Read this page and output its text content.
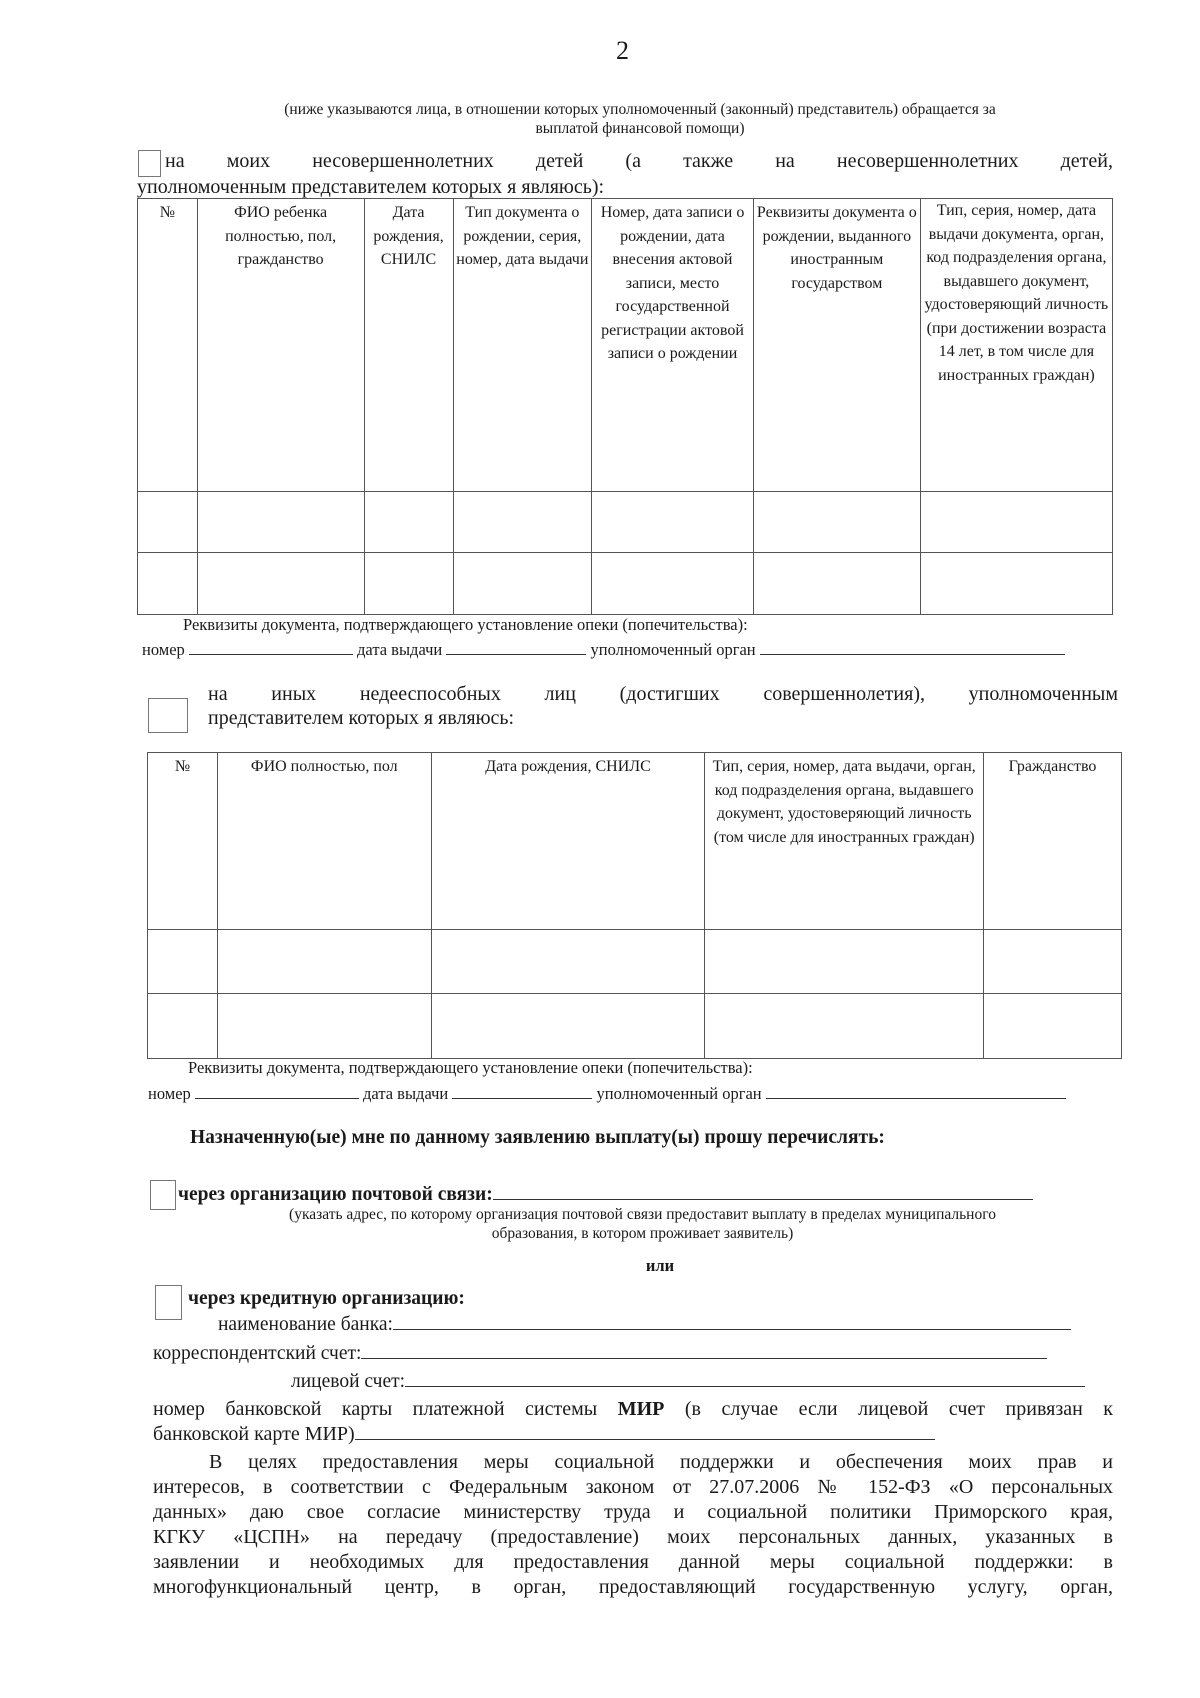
2
(ниже указываются лица, в отношении которых уполномоченный (законный) представитель) обращается за
выплатой финансовой помощи)
на моих несовершеннолетних детей (а также на несовершеннолетних детей,
уполномоченным представителем которых я являюсь):
№	ФИО ребенка полностью, пол, гражданство	Дата рождения, СНИЛС	Тип документа о рождении, серия, номер, дата выдачи	Номер, дата записи о рождении, дата внесения актовой записи, место государственной регистрации актовой записи о рождении	Реквизиты документа о рождении, выданного иностранным государством	Тип, серия, номер, дата выдачи документа, орган, код подразделения органа, выдавшего документ, удостоверяющий личность (при достижении возраста 14 лет, в том числе для иностранных граждан)

Реквизиты документа, подтверждающего установление опеки (попечительства):
номер	дата выдачи	уполномоченный орган
на иных недееспособных лиц (достигших совершеннолетия), уполномоченным
представителем которых я являюсь:
№	ФИО полностью, пол	Дата рождения, СНИЛС	Тип, серия, номер, дата выдачи, орган, код подразделения органа, выдавшего документ, удостоверяющий личность (том числе для иностранных граждан)	Гражданство

Реквизиты документа, подтверждающего установление опеки (попечительства):
номер	дата выдачи	уполномоченный орган
Назначенную(ые) мне по данному заявлению выплату(ы) прошу перечислять:
через организацию почтовой связи:
(указать адрес, по которому организация почтовой связи предоставит выплату в пределах муниципального
образования, в котором проживает заявитель)
или
через кредитную организацию:
наименование банка:
корреспондентский счет:
лицевой счет:
номер банковской карты платежной системы МИР (в случае если лицевой счет привязан к
банковской карте МИР)
В целях предоставления меры социальной поддержки и обеспечения моих прав и
интересов, в соответствии с Федеральным законом от 27.07.2006 № 152-ФЗ «О персональных
данных» даю свое согласие министерству труда и социальной политики Приморского края,
КГКУ «ЦСПН» на передачу (предоставление) моих персональных данных, указанных в
заявлении и необходимых для предоставления данной меры социальной поддержки: в
многофункциональный центр, в орган, предоставляющий государственную услугу, орган,
